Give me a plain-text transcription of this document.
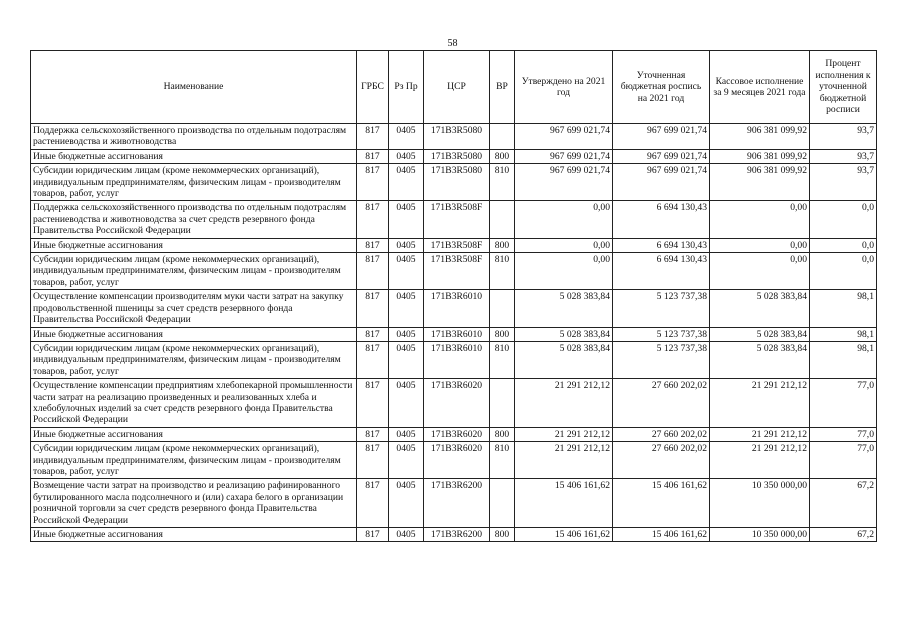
58
Наименование	ГРБС	Рз Пр	ЦСР	ВР	Утверждено на 2021 год	Уточненная бюджетная роспись на 2021 год	Кассовое исполнение за 9 месяцев 2021 года	Процент исполнения к уточненной бюджетной росписи
Поддержка сельскохозяйственного производства по отдельным подотраслям растениеводства и животноводства	817	0405	171В3R5080		967 699 021,74	967 699 021,74	906 381 099,92	93,7
Иные бюджетные ассигнования	817	0405	171В3R5080	800	967 699 021,74	967 699 021,74	906 381 099,92	93,7
Субсидии юридическим лицам (кроме некоммерческих организаций), индивидуальным предпринимателям, физическим лицам - производителям товаров, работ, услуг	817	0405	171В3R5080	810	967 699 021,74	967 699 021,74	906 381 099,92	93,7
Поддержка сельскохозяйственного производства по отдельным подотраслям растениеводства и животноводства за счет средств резервного фонда Правительства Российской Федерации	817	0405	171В3R508F		0,00	6 694 130,43	0,00	0,0
Иные бюджетные ассигнования	817	0405	171В3R508F	800	0,00	6 694 130,43	0,00	0,0
Субсидии юридическим лицам (кроме некоммерческих организаций), индивидуальным предпринимателям, физическим лицам - производителям товаров, работ, услуг	817	0405	171В3R508F	810	0,00	6 694 130,43	0,00	0,0
Осуществление компенсации производителям муки части затрат на закупку продовольственной пшеницы за счет средств резервного фонда Правительства Российской Федерации	817	0405	171В3R6010		5 028 383,84	5 123 737,38	5 028 383,84	98,1
Иные бюджетные ассигнования	817	0405	171В3R6010	800	5 028 383,84	5 123 737,38	5 028 383,84	98,1
Субсидии юридическим лицам (кроме некоммерческих организаций), индивидуальным предпринимателям, физическим лицам - производителям товаров, работ, услуг	817	0405	171В3R6010	810	5 028 383,84	5 123 737,38	5 028 383,84	98,1
Осуществление компенсации предприятиям хлебопекарной промышленности части затрат на реализацию произведенных и реализованных хлеба и хлебобулочных изделий за счет средств резервного фонда Правительства Российской Федерации	817	0405	171В3R6020		21 291 212,12	27 660 202,02	21 291 212,12	77,0
Иные бюджетные ассигнования	817	0405	171В3R6020	800	21 291 212,12	27 660 202,02	21 291 212,12	77,0
Субсидии юридическим лицам (кроме некоммерческих организаций), индивидуальным предпринимателям, физическим лицам - производителям товаров, работ, услуг	817	0405	171В3R6020	810	21 291 212,12	27 660 202,02	21 291 212,12	77,0
Возмещение части затрат на производство и реализацию рафинированного бутилированного масла подсолнечного и (или) сахара белого в организации розничной торговли за счет средств резервного фонда Правительства Российской Федерации	817	0405	171В3R6200		15 406 161,62	15 406 161,62	10 350 000,00	67,2
Иные бюджетные ассигнования	817	0405	171В3R6200	800	15 406 161,62	15 406 161,62	10 350 000,00	67,2
